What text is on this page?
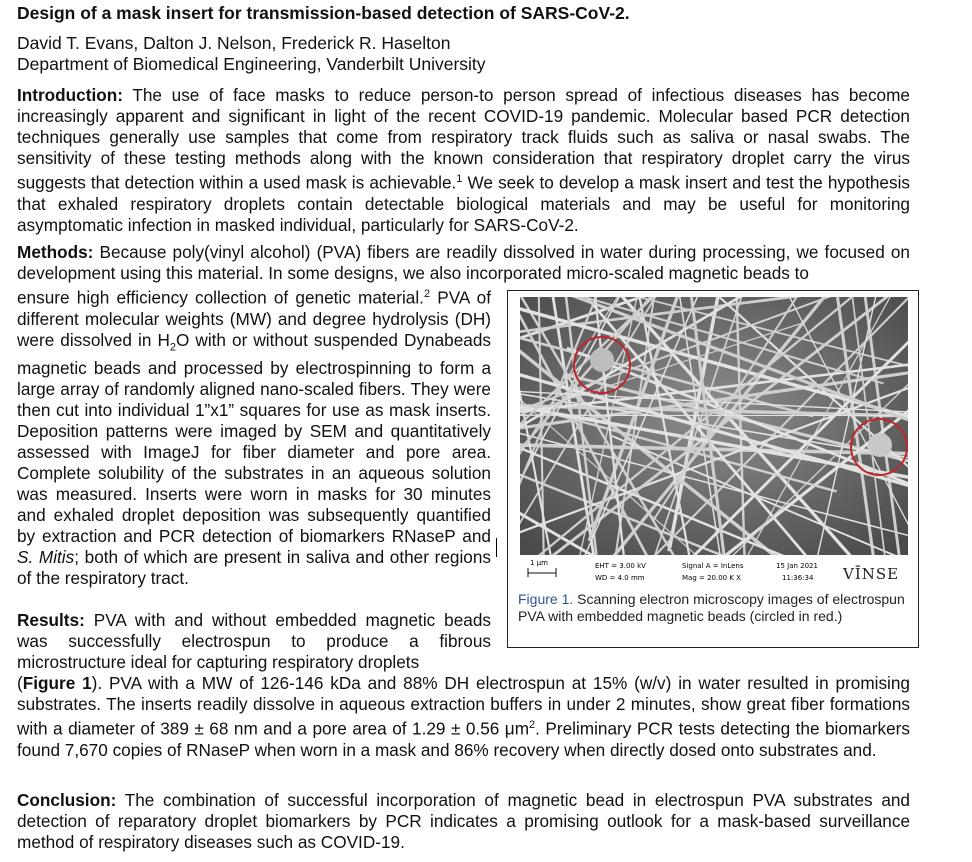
Design of a mask insert for transmission-based detection of SARS-CoV-2.
David T. Evans, Dalton J. Nelson, Frederick R. Haselton
Department of Biomedical Engineering, Vanderbilt University

Introduction: The use of face masks to reduce person-to person spread of infectious diseases has become increasingly apparent and significant in light of the recent COVID-19 pandemic. Molecular based PCR detection techniques generally use samples that come from respiratory track fluids such as saliva or nasal swabs. The sensitivity of these testing methods along with the known consideration that respiratory droplet carry the virus suggests that detection within a used mask is achievable.$^1$ We seek to develop a mask insert and test the hypothesis that exhaled respiratory droplets contain detectable biological materials and may be useful for monitoring asymptomatic infection in masked individual, particularly for SARS-CoV-2.

Methods: Because poly(vinyl alcohol) (PVA) fibers are readily dissolved in water during processing, we focused on development using this material. In some designs, we also incorporated micro-scaled magnetic beads to

ensure high efficiency collection of genetic material.$^2$ PVA of different molecular weights (MW) and degree hydrolysis (DH) were dissolved in $H_2O$ with or without suspended Dynabeads magnetic beads and processed by electrospinning to form a large array of randomly aligned nano-scaled fibers. They were then cut into individual 1”x1” squares for use as mask inserts. Deposition patterns were imaged by SEM and quantitatively assessed with ImageJ for fiber diameter and pore area. Complete solubility of the substrates in an aqueous solution was measured. Inserts were worn in masks for 30 minutes and exhaled droplet deposition was subsequently quantified by extraction and PCR detection of biomarkers RNaseP and S. Mitis; both of which are present in saliva and other regions of the respiratory tract.

Results: PVA with and without embedded magnetic beads was successfully electrospun to produce a fibrous microstructure ideal for capturing respiratory droplets

(Figure 1). PVA with a MW of 126-146 kDa and 88% DH electrospun at 15% (w/v) in water resulted in promising substrates. The inserts readily dissolve in aqueous extraction buffers in under 2 minutes, show great fiber formations with a diameter of 389 ± 68 nm and a pore area of 1.29 ± 0.56 $\mu m^2$. Preliminary PCR tests detecting the biomarkers found 7,670 copies of RNaseP when worn in a mask and 86% recovery when directly dosed onto substrates and.

Conclusion: The combination of successful incorporation of magnetic bead in electrospun PVA substrates and detection of reparatory droplet biomarkers by PCR indicates a promising outlook for a mask-based surveillance method of respiratory diseases such as COVID-19.

1 μm	EHT = 3.00 kV
WD = 4.0 mm
Signal A = InLens
Mag = 20.00 K X
15 Jan 2021
11:36:34 VĪNSE
Figure 1. Scanning electron microscopy images of electrospun PVA with embedded magnetic beads (circled in red.)
